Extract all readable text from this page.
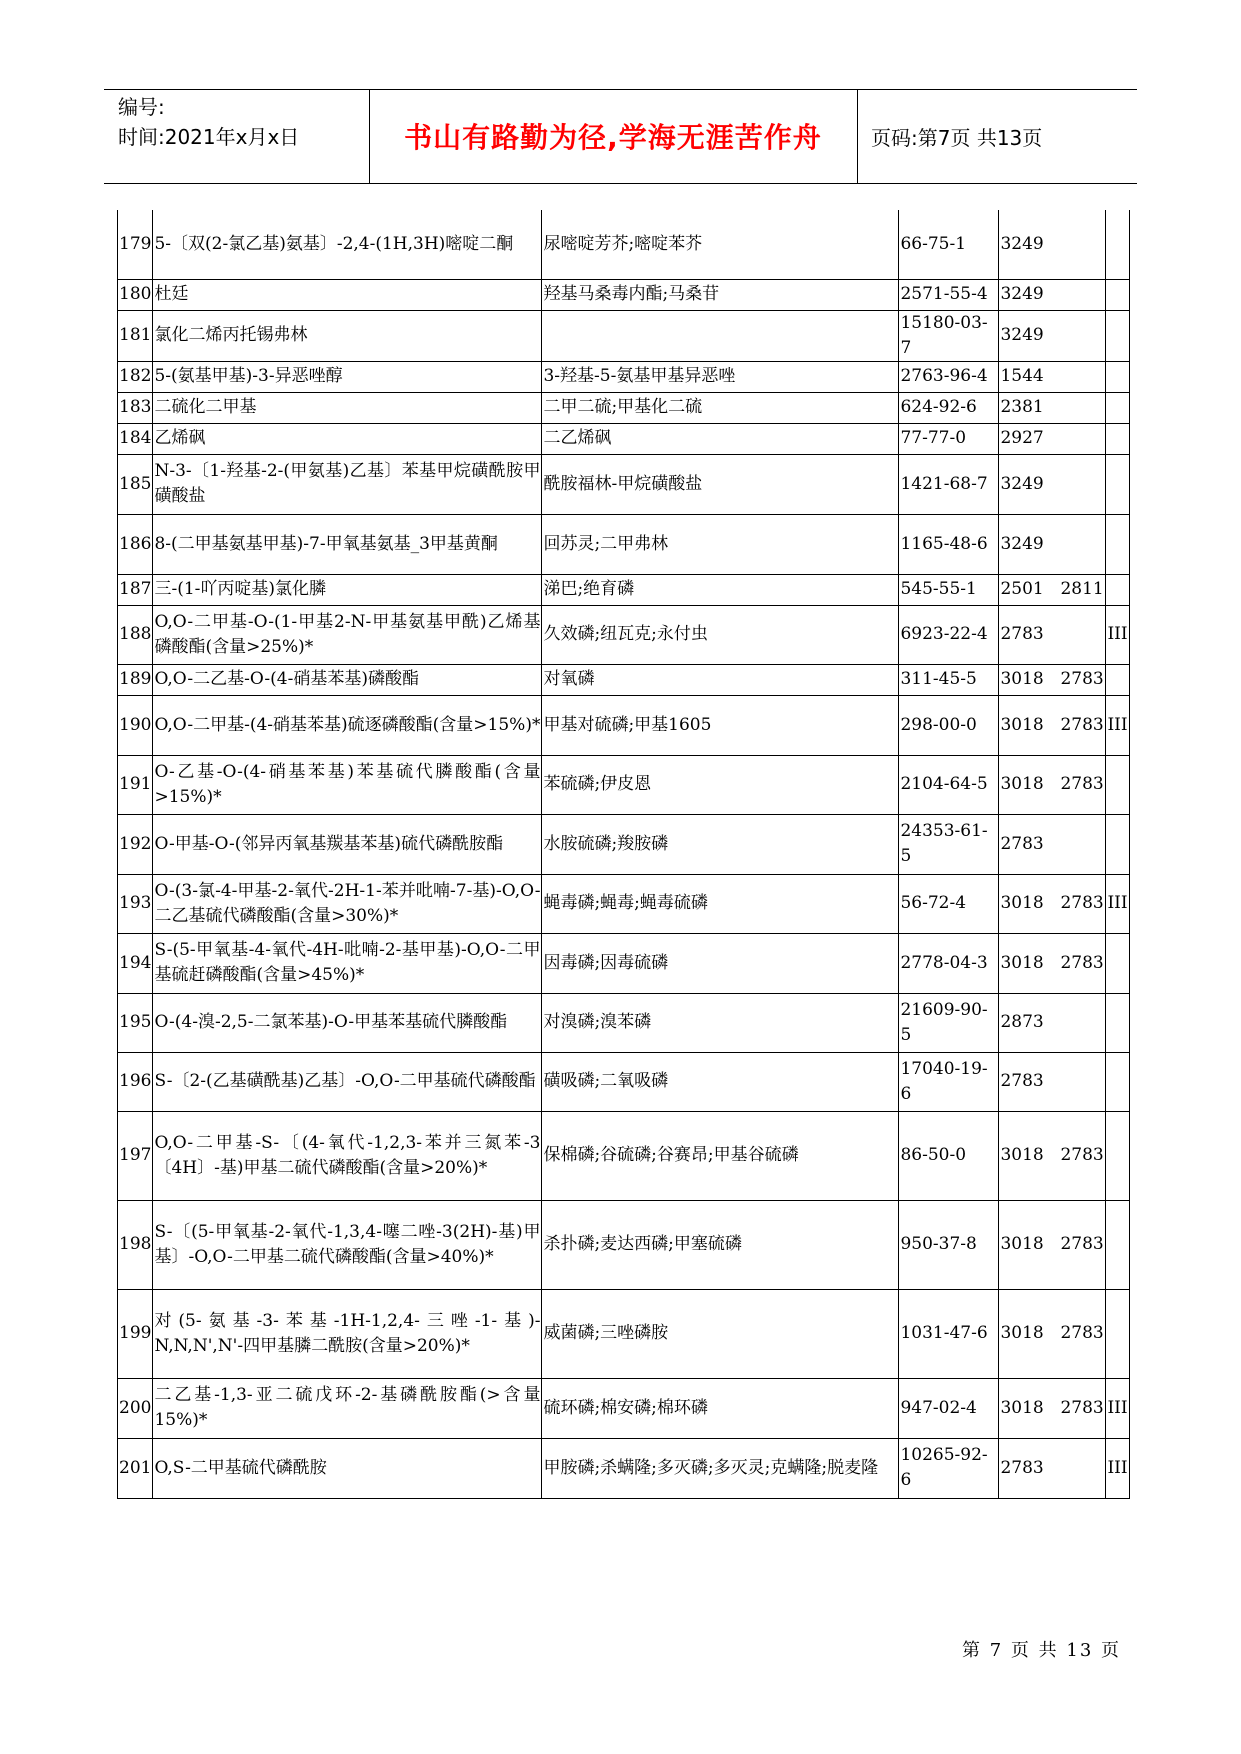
编号:
时间:2021年x月x日	书山有路勤为径,学海无涯苦作舟	页码:第7页 共13页
179	5-〔双(2-氯乙基)氨基〕-2,4-(1H,3H)嘧啶二酮	尿嘧啶芳芥;嘧啶苯芥	66-75-1	3249	
180	杜廷	羟基马桑毒内酯;马桑苷	2571-55-4	3249	
181	氯化二烯丙托锡弗林		15180-03-7	3249	
182	5-(氨基甲基)-3-异恶唑醇	3-羟基-5-氨基甲基异恶唑	2763-96-4	1544	
183	二硫化二甲基	二甲二硫;甲基化二硫	624-92-6	2381	
184	乙烯砜	二乙烯砜	77-77-0	2927	
185	N-3-〔1-羟基-2-(甲氨基)乙基〕苯基甲烷磺酰胺甲磺酸盐	酰胺福林-甲烷磺酸盐	1421-68-7	3249	
186	8-(二甲基氨基甲基)-7-甲氧基氨基_3甲基黄酮	回苏灵;二甲弗林	1165-48-6	3249	
187	三-(1-吖丙啶基)氯化膦	涕巴;绝育磷	545-55-1	2501 2811	
188	O,O-二甲基-O-(1-甲基2-N-甲基氨基甲酰)乙烯基磷酸酯(含量>25%)*	久效磷;纽瓦克;永付虫	6923-22-4	2783	III
189	O,O-二乙基-O-(4-硝基苯基)磷酸酯	对氧磷	311-45-5	3018 2783	
190	O,O-二甲基-(4-硝基苯基)硫逐磷酸酯(含量>15%)*	甲基对硫磷;甲基1605	298-00-0	3018 2783	III
191	O-乙基-O-(4-硝基苯基)苯基硫代膦酸酯(含量>15%)*	苯硫磷;伊皮恩	2104-64-5	3018 2783	
192	O-甲基-O-(邻异丙氧基羰基苯基)硫代磷酰胺酯	水胺硫磷;羧胺磷	24353-61-5	2783	
193	O-(3-氯-4-甲基-2-氧代-2H-1-苯并吡喃-7-基)-O,O-二乙基硫代磷酸酯(含量>30%)*	蝇毒磷;蝇毒;蝇毒硫磷	56-72-4	3018 2783	III
194	S-(5-甲氧基-4-氧代-4H-吡喃-2-基甲基)-O,O-二甲基硫赶磷酸酯(含量>45%)*	因毒磷;因毒硫磷	2778-04-3	3018 2783	
195	O-(4-溴-2,5-二氯苯基)-O-甲基苯基硫代膦酸酯	对溴磷;溴苯磷	21609-90-5	2873	
196	S-〔2-(乙基磺酰基)乙基〕-O,O-二甲基硫代磷酸酯	磺吸磷;二氧吸磷	17040-19-6	2783	
197	O,O-二甲基-S-〔(4-氧代-1,2,3-苯并三氮苯-3〔4H〕-基)甲基二硫代磷酸酯(含量>20%)*	保棉磷;谷硫磷;谷赛昂;甲基谷硫磷	86-50-0	3018 2783	
198	S-〔(5-甲氧基-2-氧代-1,3,4-噻二唑-3(2H)-基)甲基〕-O,O-二甲基二硫代磷酸酯(含量>40%)*	杀扑磷;麦达西磷;甲塞硫磷	950-37-8	3018 2783	
199	对(5-氨基-3-苯基-1H-1,2,4-三唑-1-基)-N,N,N',N'-四甲基膦二酰胺(含量>20%)*	威菌磷;三唑磷胺	1031-47-6	3018 2783	
200	二乙基-1,3-亚二硫戊环-2-基磷酰胺酯(>含量15%)*	硫环磷;棉安磷;棉环磷	947-02-4	3018 2783	III
201	O,S-二甲基硫代磷酰胺	甲胺磷;杀螨隆;多灭磷;多灭灵;克螨隆;脱麦隆	10265-92-6	2783	III
第 7 页 共 13 页
